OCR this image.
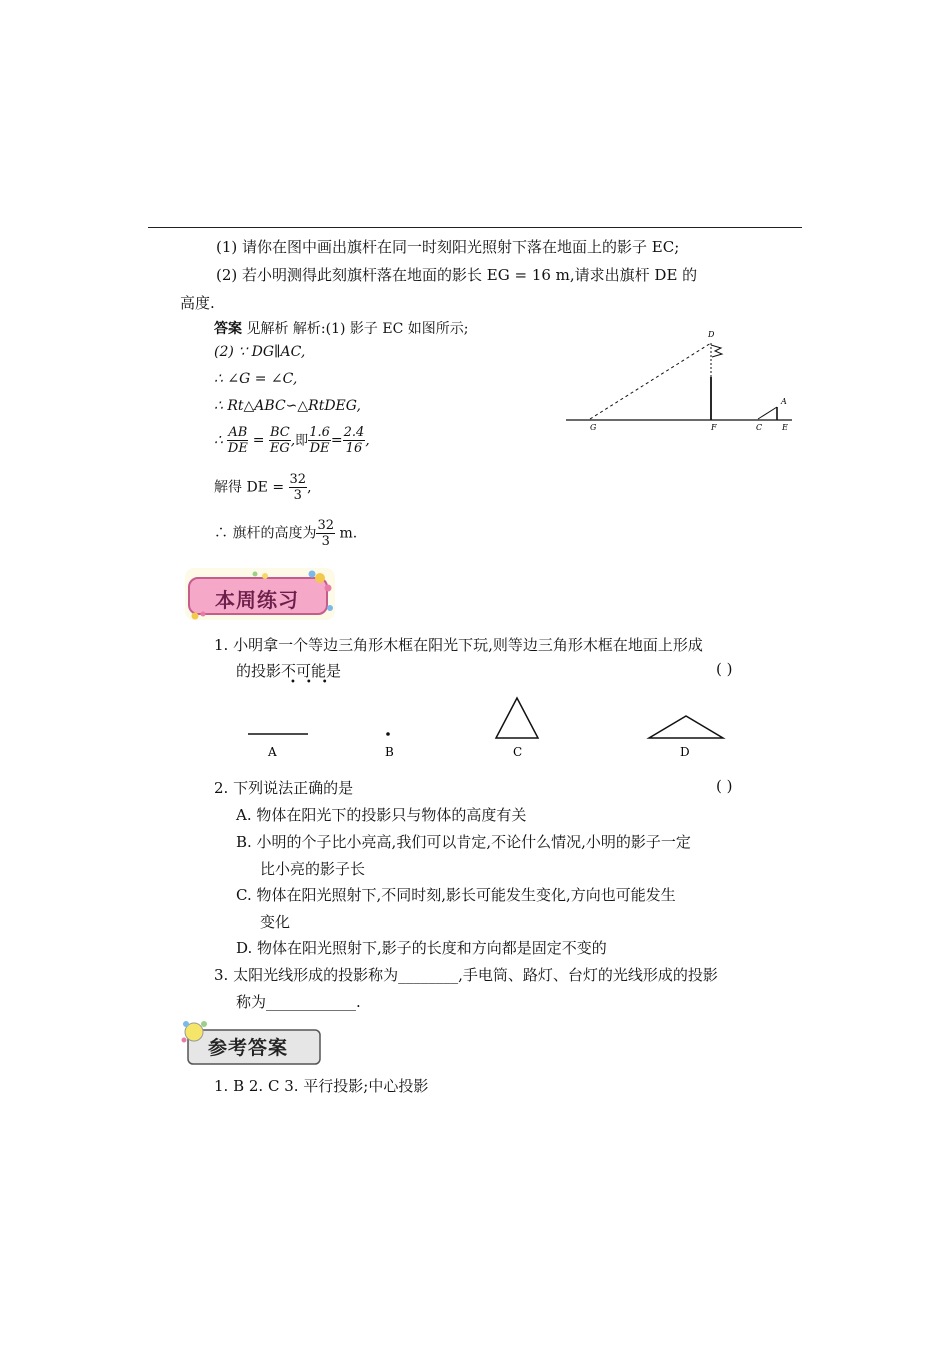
(1) 请你在图中画出旗杆在同一时刻阳光照射下落在地面上的影子 EC;
(2) 若小明测得此刻旗杆落在地面的影长 EG = 16 m,请求出旗杆 DE 的
高度.
答案 见解析 解析:(1) 影子 EC 如图所示;
(2) ∵ DG∥AC,
∴ ∠G = ∠C,
∴ Rt△ABC∽△RtDEG,
∴ $\frac{AB}{DE} = \frac{BC}{EG}$ ,即 $\frac{1.6}{DE} = \frac{2.4}{16}$ ,
解得 DE = $\frac{32}{3}$ ,
∴ 旗杆的高度为 $\frac{32}{3} m$.
D
G	F	C E
A
本周练习
1. 小明拿一个等边三角形木框在阳光下玩,则等边三角形木框在地面上形成
的投影不可能是
•••
( )
A	B	C	D
2. 下列说法正确的是	( )
A. 物体在阳光下的投影只与物体的高度有关
B. 小明的个子比小亮高,我们可以肯定,不论什么情况,小明的影子一定
比小亮的影子长
C. 物体在阳光照射下,不同时刻,影长可能发生变化,方向也可能发生
变化
D. 物体在阳光照射下,影子的长度和方向都是固定不变的
3. 太阳光线形成的投影称为________,手电筒、路灯、台灯的光线形成的投影
称为____________.
参考答案
1. B 2. C 3. 平行投影;中心投影
